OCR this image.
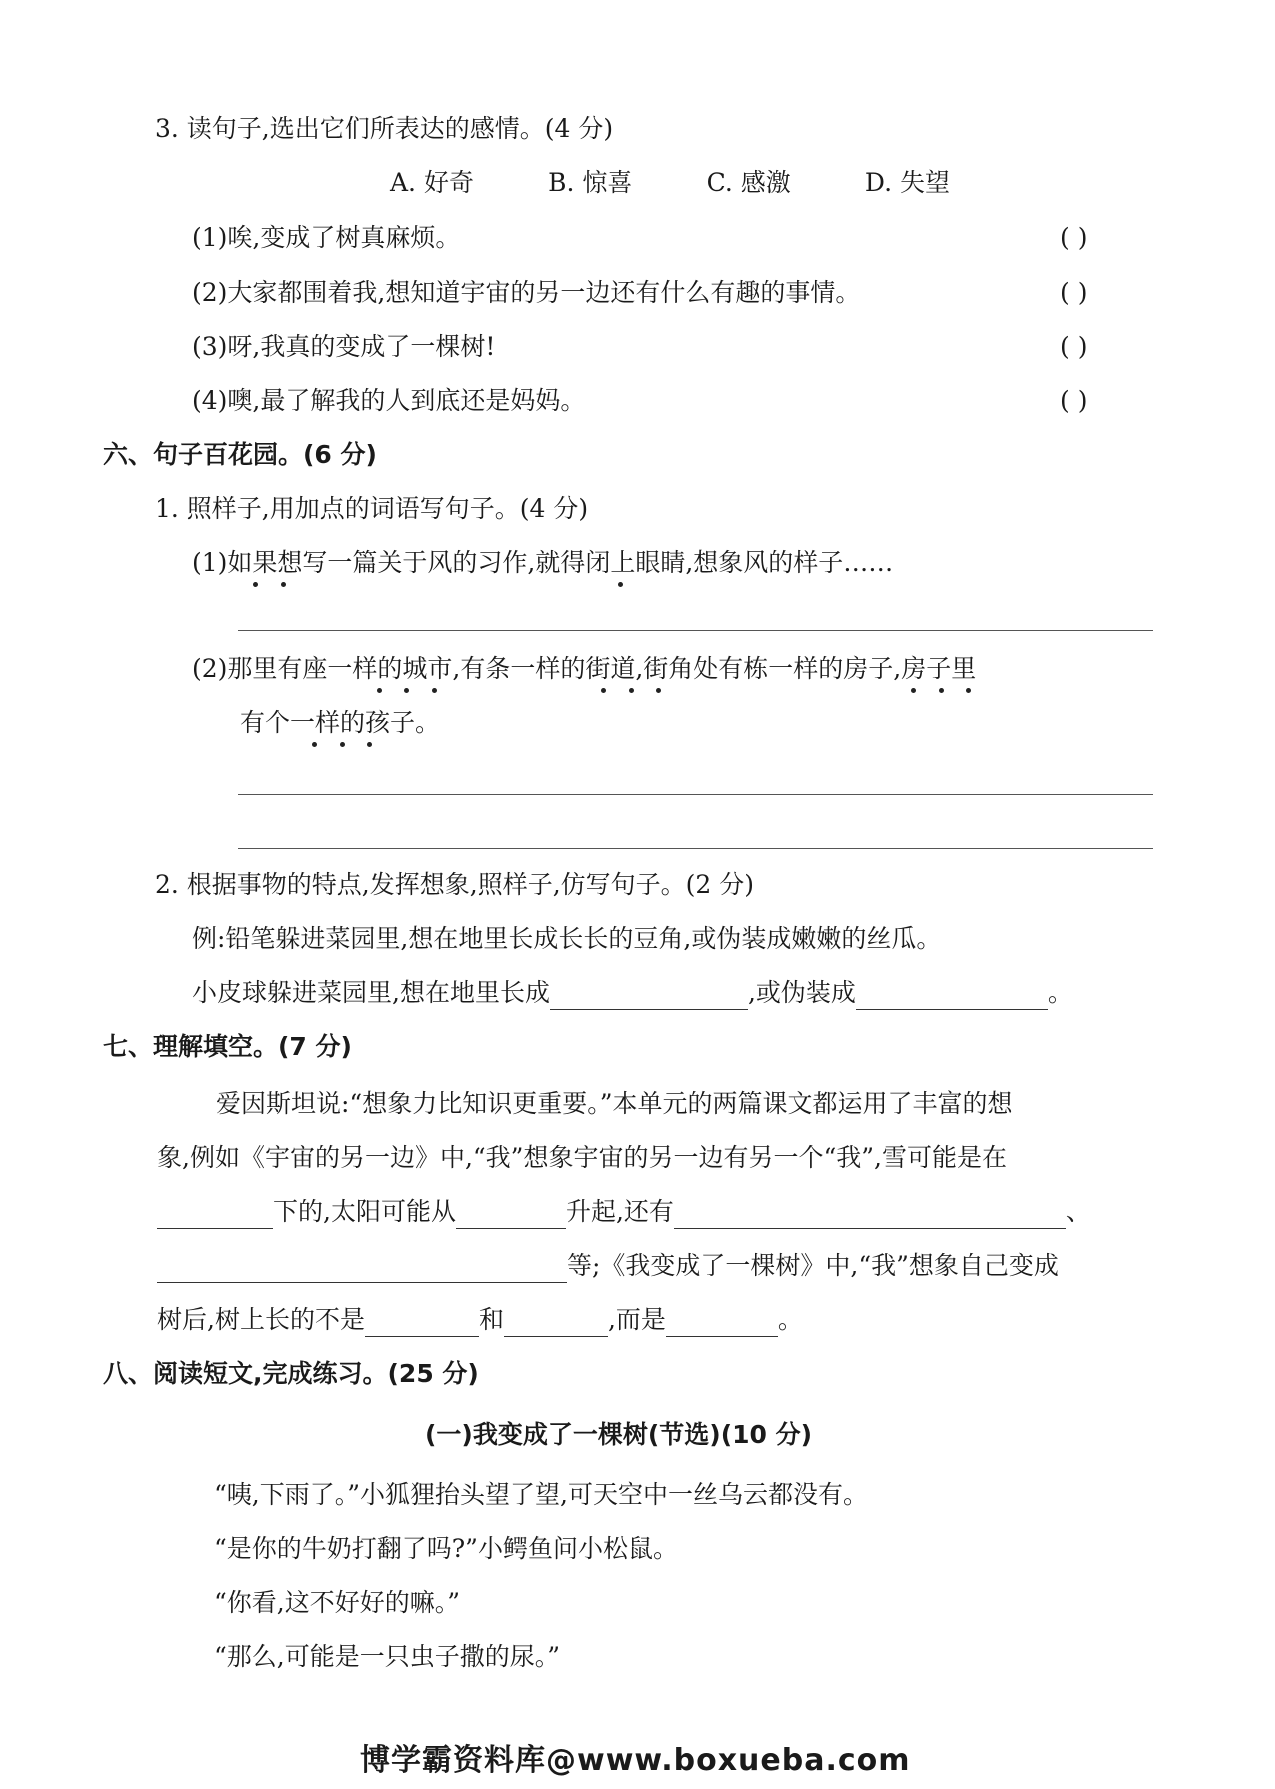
3. 读句子,选出它们所表达的感情。(4 分)
A. 好奇	B. 惊喜	C. 感激	D. 失望
(1)唉,变成了树真麻烦。	( )
(2)大家都围着我,想知道宇宙的另一边还有什么有趣的事情。	( )
(3)呀,我真的变成了一棵树!	( )
(4)噢,最了解我的人到底还是妈妈。	( )
六、句子百花园。(6 分)
1. 照样子,用加点的词语写句子。(4 分)
(1)如果想写一篇关于风的习作,就得闭上眼睛,想象风的样子……
(2)那里有座一样的城市,有条一样的街道,街角处有栋一样的房子,房子里
有个一样的孩子。
2. 根据事物的特点,发挥想象,照样子,仿写句子。(2 分)
例:铅笔躲进菜园里,想在地里长成长长的豆角,或伪装成嫩嫩的丝瓜。
小皮球躲进菜园里,想在地里长成	,或伪装成	。
七、理解填空。(7 分)
爱因斯坦说:“想象力比知识更重要。”本单元的两篇课文都运用了丰富的想
象,例如《宇宙的另一边》中,“我”想象宇宙的另一边有另一个“我”,雪可能是在
下的,太阳可能从	升起,还有	、
等;《我变成了一棵树》中,“我”想象自己变成
树后,树上长的不是	和	,而是	。
八、阅读短文,完成练习。(25 分)
(一)我变成了一棵树(节选)(10 分)
“咦,下雨了。”小狐狸抬头望了望,可天空中一丝乌云都没有。
“是你的牛奶打翻了吗?”小鳄鱼问小松鼠。
“你看,这不好好的嘛。”
“那么,可能是一只虫子撒的尿。”
博学霸资料库@www.boxueba.com
